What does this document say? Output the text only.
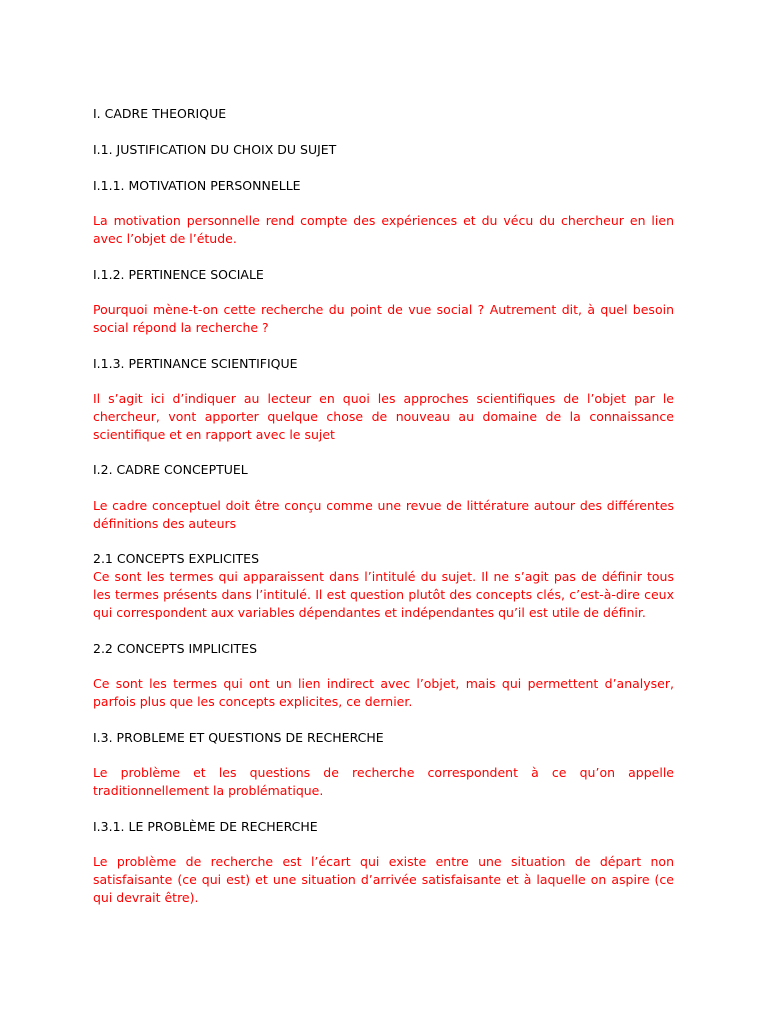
I. CADRE THEORIQUE

I.1. JUSTIFICATION DU CHOIX DU SUJET

I.1.1. MOTIVATION PERSONNELLE

La motivation personnelle rend compte des expériences et du vécu du chercheur en lien avec l’objet de l’étude.

I.1.2. PERTINENCE SOCIALE

Pourquoi mène-t-on cette recherche du point de vue social ? Autrement dit, à quel besoin social répond la recherche ?

I.1.3. PERTINANCE SCIENTIFIQUE

Il s’agit ici d’indiquer au lecteur en quoi les approches scientifiques de l’objet par le chercheur, vont apporter quelque chose de nouveau au domaine de la connaissance scientifique et en rapport avec le sujet

I.2. CADRE CONCEPTUEL

Le cadre conceptuel doit être conçu comme une revue de littérature autour des différentes définitions des auteurs

2.1 CONCEPTS EXPLICITES

Ce sont les termes qui apparaissent dans l’intitulé du sujet. Il ne s’agit pas de définir tous les termes présents dans l’intitulé. Il est question plutôt des concepts clés, c’est-à-dire ceux qui correspondent aux variables dépendantes et indépendantes qu’il est utile de définir.

2.2 CONCEPTS IMPLICITES

Ce sont les termes qui ont un lien indirect avec l’objet, mais qui permettent d’analyser, parfois plus que les concepts explicites, ce dernier.

I.3. PROBLEME ET QUESTIONS DE RECHERCHE

Le problème et les questions de recherche correspondent à ce qu’on appelle traditionnellement la problématique.

I.3.1. LE PROBLÈME DE RECHERCHE

Le problème de recherche est l’écart qui existe entre une situation de départ non satisfaisante (ce qui est) et une situation d’arrivée satisfaisante et à laquelle on aspire (ce qui devrait être).
